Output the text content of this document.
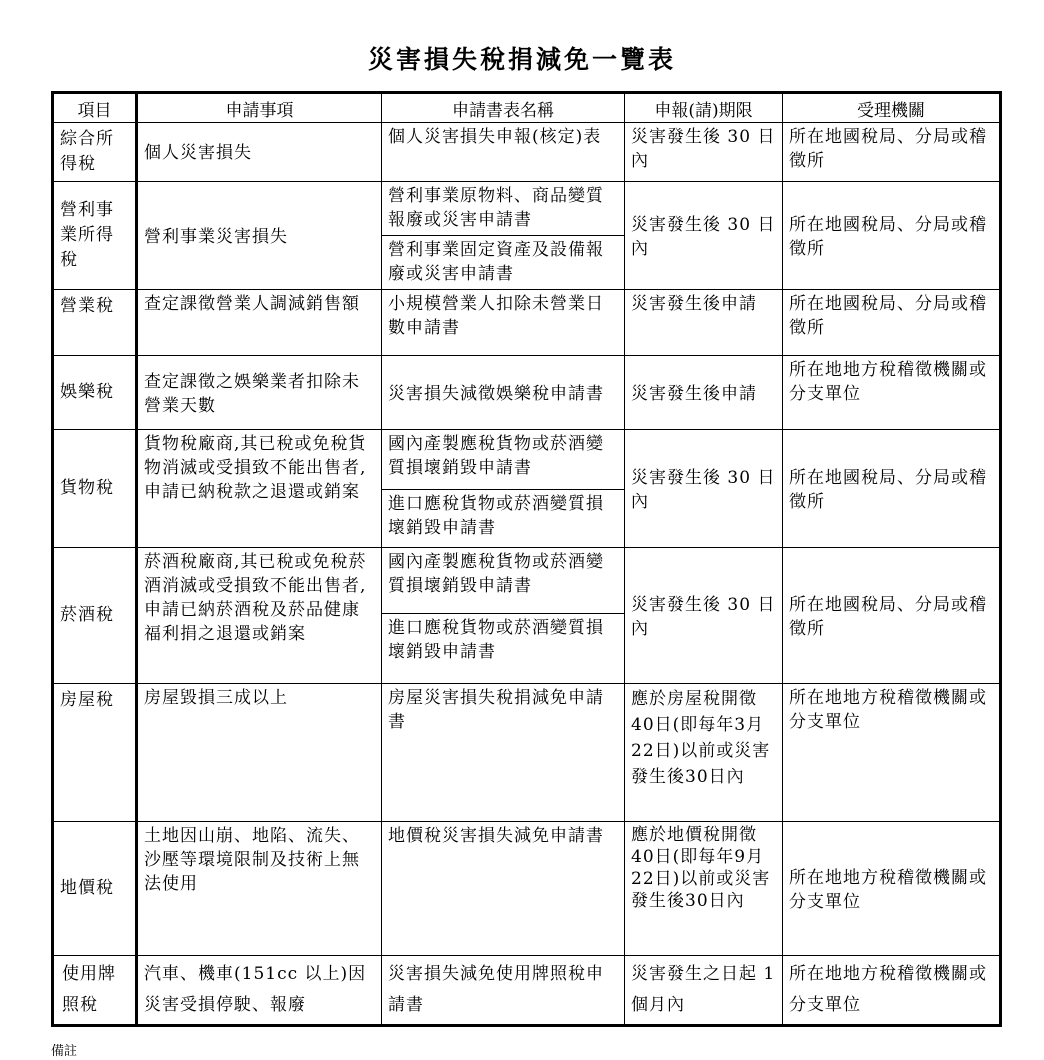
災害損失稅捐減免一覽表
項目	申請事項	申請書表名稱	申報(請)期限	受理機關

綜合所得稅	個人災害損失	個人災害損失申報(核定)表	災害發生後 30 日內	所在地國稅局、分局或稽徵所

營利事業所得稅	營利事業災害損失	營利事業原物料、商品變質報廢或災害申請書	災害發生後 30 日內	所在地國稅局、分局或稽徵所

		營利事業固定資產及設備報廢或災害申請書		

營業稅	查定課徵營業人調減銷售額	小規模營業人扣除未營業日數申請書	災害發生後申請	所在地國稅局、分局或稽徵所

娛樂稅	查定課徵之娛樂業者扣除未營業天數	災害損失減徵娛樂稅申請書	災害發生後申請	所在地地方稅稽徵機關或分支單位

貨物稅	貨物稅廠商,其已稅或免稅貨物消滅或受損致不能出售者,申請已納稅款之退還或銷案	國內產製應稅貨物或菸酒變質損壞銷毀申請書	災害發生後 30 日內	所在地國稅局、分局或稽徵所

		進口應稅貨物或菸酒變質損壞銷毀申請書		

菸酒稅	菸酒稅廠商,其已稅或免稅菸酒消滅或受損致不能出售者,申請已納菸酒稅及菸品健康福利捐之退還或銷案	國內產製應稅貨物或菸酒變質損壞銷毀申請書	災害發生後 30 日內	所在地國稅局、分局或稽徵所

		進口應稅貨物或菸酒變質損壞銷毀申請書		

房屋稅	房屋毀損三成以上	房屋災害損失稅捐減免申請書	應於房屋稅開徵40日(即每年3月22日)以前或災害發生後30日內	所在地地方稅稽徵機關或分支單位

地價稅	土地因山崩、地陷、流失、沙壓等環境限制及技術上無法使用	地價稅災害損失減免申請書	應於地價稅開徵40日(即每年9月22日)以前或災害發生後30日內	所在地地方稅稽徵機關或分支單位

使用牌照稅	汽車、機車(151cc 以上)因災害受損停駛、報廢	災害損失減免使用牌照稅申請書	災害發生之日起 1 個月內	所在地地方稅稽徵機關或分支單位
備註
